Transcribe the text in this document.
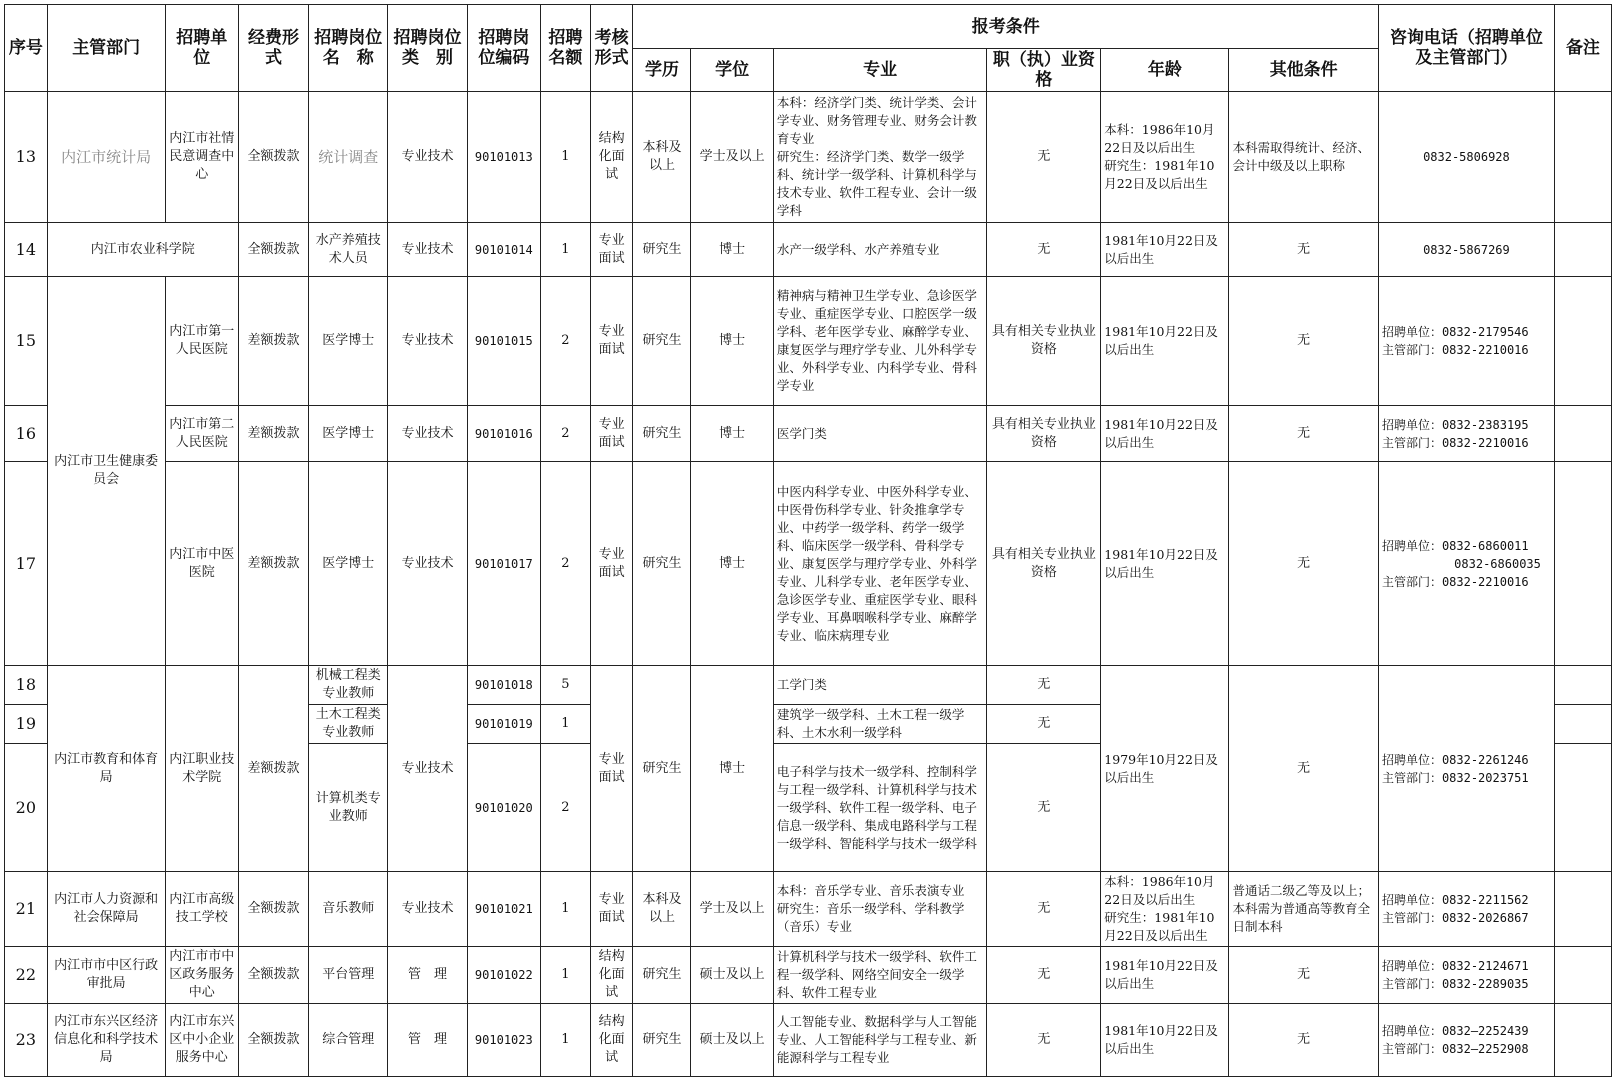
序号	主管部门	招聘单位	经费形式	招聘岗位名　称	招聘岗位类　别	招聘岗位编码	招聘名额	考核形式	报考条件						咨询电话（招聘单位及主管部门）	备注
									学历	学位	专业	职（执）业资格	年龄	其他条件		
13	内江市统计局	内江市社情民意调查中心	全额拨款	统计调查	专业技术	90101013	1	结构化面试	本科及以上	学士及以上	本科：经济学门类、统计学类、会计学专业、财务管理专业、财务会计教育专业
研究生：经济学门类、数学一级学科、统计学一级学科、计算机科学与技术专业、软件工程专业、会计一级学科	无	本科：1986年10月22日及以后出生
研究生：1981年10月22日及以后出生	本科需取得统计、经济、会计中级及以上职称	0832-5806928	
14	内江市农业科学院		全额拨款	水产养殖技术人员	专业技术	90101014	1	专业面试	研究生	博士	水产一级学科、水产养殖专业	无	1981年10月22日及以后出生	无	0832-5867269	
15	内江市卫生健康委员会	内江市第一人民医院	差额拨款	医学博士	专业技术	90101015	2	专业面试	研究生	博士	精神病与精神卫生学专业、急诊医学专业、重症医学专业、口腔医学一级学科、老年医学专业、麻醉学专业、康复医学与理疗学专业、儿外科学专业、外科学专业、内科学专业、骨科学专业	具有相关专业执业资格	1981年10月22日及以后出生	无	招聘单位：0832-2179546
主管部门：0832-2210016	
16		内江市第二人民医院	差额拨款	医学博士	专业技术	90101016	2	专业面试	研究生	博士	医学门类	具有相关专业执业资格	1981年10月22日及以后出生	无	招聘单位：0832-2383195
主管部门：0832-2210016	
17		内江市中医医院	差额拨款	医学博士	专业技术	90101017	2	专业面试	研究生	博士	中医内科学专业、中医外科学专业、中医骨伤科学专业、针灸推拿学专业、中药学一级学科、药学一级学科、临床医学一级学科、骨科学专业、康复医学与理疗学专业、外科学专业、儿科学专业、老年医学专业、急诊医学专业、重症医学专业、眼科学专业、耳鼻咽喉科学专业、麻醉学专业、临床病理专业	具有相关专业执业资格	1981年10月22日及以后出生	无	招聘单位：0832-6860011
0832-6860035
主管部门：0832-2210016	
18	内江市教育和体育局	内江职业技术学院	差额拨款	机械工程类专业教师	专业技术	90101018	5	专业面试	研究生	博士	工学门类	无	1979年10月22日及以后出生	无	招聘单位：0832-2261246
主管部门：0832-2023751	
19				土木工程类专业教师		90101019	1				建筑学一级学科、土木工程一级学科、土木水利一级学科	无				
20				计算机类专业教师		90101020	2				电子科学与技术一级学科、控制科学与工程一级学科、计算机科学与技术一级学科、软件工程一级学科、电子信息一级学科、集成电路科学与工程一级学科、智能科学与技术一级学科	无				
21	内江市人力资源和社会保障局	内江市高级技工学校	全额拨款	音乐教师	专业技术	90101021	1	专业面试	本科及以上	学士及以上	本科：音乐学专业、音乐表演专业
研究生：音乐一级学科、学科教学（音乐）专业	无	本科：1986年10月22日及以后出生
研究生：1981年10月22日及以后出生	普通话二级乙等及以上；本科需为普通高等教育全日制本科	招聘单位：0832-2211562
主管部门：0832-2026867	
22	内江市市中区行政审批局	内江市市中区政务服务中心	全额拨款	平台管理	管　理	90101022	1	结构化面试	研究生	硕士及以上	计算机科学与技术一级学科、软件工程一级学科、网络空间安全一级学科、软件工程专业	无	1981年10月22日及以后出生	无	招聘单位：0832-2124671
主管部门：0832-2289035	
23	内江市东兴区经济信息化和科学技术局	内江市东兴区中小企业服务中心	全额拨款	综合管理	管　理	90101023	1	结构化面试	研究生	硕士及以上	人工智能专业、数据科学与人工智能专业、人工智能科学与工程专业、新能源科学与工程专业	无	1981年10月22日及以后出生	无	招聘单位：0832—2252439
主管部门：0832—2252908	
